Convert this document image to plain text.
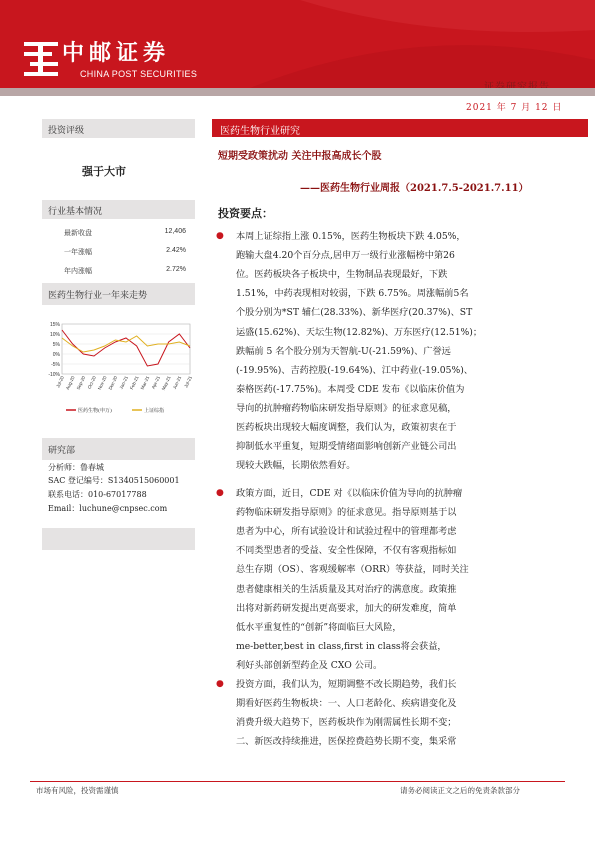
中邮证券
CHINA POST SECURITIES
2021 年 7 月 12 日
投资评级
强于大市
行业基本情况
最新收盘	12,406
一年涨幅	2.42%
年内涨幅	2.72%
医药生物行业一年来走势
15%
10%
5%
0%
-5%
-10%
Jul-20 Aug-20 Sep-20 Oct-20 Nov-20 Dec-20 Jan-21 Feb-21 Mar-21 Apr-21 May-21 Jun-21 Jul-21
医药生物(申万)	上证综指
研究部
分析师：鲁春城
SAC 登记编号：S1340515060001
联系电话：010-67017788
Email：luchune@cnpsec.com
医药生物行业研究
短期受政策扰动 关注中报高成长个股
——医药生物行业周报（2021.7.5-2021.7.11）
投资要点：
● 本周上证综指上涨 0.15%，医药生物板块下跌 4.05%，
跑输大盘4.20个百分点,居申万一级行业涨幅榜中第26
位。医药板块各子板块中，生物制品表现最好，下跌
1.51%，中药表现相对较弱，下跌 6.75%。周涨幅前5名
个股分别为*ST 辅仁(28.33%)、新华医疗(20.37%)、ST
运盛(15.62%)、天坛生物(12.82%)、万东医疗(12.51%)；
跌幅前 5 名个股分别为天智航-U(-21.59%)、广誉远
(-19.95%)、吉药控股(-19.64%)、江中药业(-19.05%)、
泰格医药(-17.75%)。本周受 CDE 发布《以临床价值为
导向的抗肿瘤药物临床研发指导原则》的征求意见稿，
医药板块出现较大幅度调整，我们认为，政策初衷在于
抑制低水平重复，短期受情绪面影响创新产业链公司出
现较大跌幅，长期依然看好。
● 政策方面，近日，CDE 对《以临床价值为导向的抗肿瘤
药物临床研发指导原则》的征求意见。指导原则基于以
患者为中心，所有试验设计和试验过程中的管理都考虑
不同类型患者的受益、安全性保障，不仅有客观指标如
总生存期（OS）、客观缓解率（ORR）等获益，同时关注
患者健康相关的生活质量及其对治疗的满意度。政策推
出将对新药研发提出更高要求，加大的研发难度，简单
低水平重复性的“创新”将面临巨大风险，
me-better,best in class,first in class将会获益，
利好头部创新型药企及 CXO 公司。
● 投资方面，我们认为，短期调整不改长期趋势，我们长
期看好医药生物板块：一、人口老龄化、疾病谱变化及
消费升级大趋势下，医药板块作为刚需属性长期不变；
二、新医改持续推进，医保控费趋势长期不变，集采常
市场有风险，投资需谨慎	请务必阅读正文之后的免责条款部分
